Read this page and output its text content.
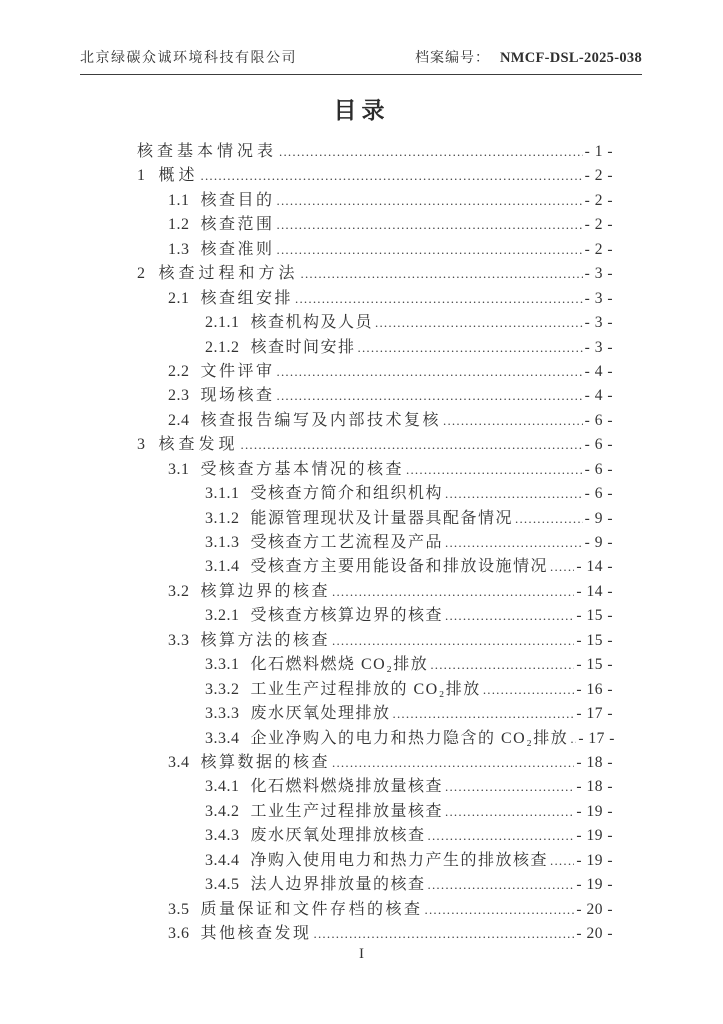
北京绿碳众诚环境科技有限公司	档案编号： NMCF-DSL-2025-038
目录
核查基本情况表 .....	- 1 -
1 概述 .....	- 2 -
1.1 核查目的 .....	- 2 -
1.2 核查范围 .....	- 2 -
1.3 核查准则 .....	- 2 -
2 核查过程和方法 .....	- 3 -
2.1 核查组安排 .....	- 3 -
2.1.1 核查机构及人员 .....	- 3 -
2.1.2 核查时间安排 .....	- 3 -
2.2 文件评审 .....	- 4 -
2.3 现场核查 .....	- 4 -
2.4 核查报告编写及内部技术复核 .....	- 6 -
3 核查发现 .....	- 6 -
3.1 受核查方基本情况的核查 .....	- 6 -
3.1.1 受核查方简介和组织机构 .....	- 6 -
3.1.2 能源管理现状及计量器具配备情况 .....	- 9 -
3.1.3 受核查方工艺流程及产品 .....	- 9 -
3.1.4 受核查方主要用能设备和排放设施情况 ..... - 14 -
3.2 核算边界的核查 .....	- 14 -
3.2.1 受核查方核算边界的核查 .....	- 15 -
3.3 核算方法的核查 .....	- 15 -
3.3.1 化石燃料燃烧 CO₂排放 .....	- 15 -
3.3.2 工业生产过程排放的 CO₂排放 .....	- 16 -
3.3.3 废水厌氧处理排放 .....	- 17 -
3.3.4 企业净购入的电力和热力隐含的 CO₂排放 ..... - 17 -
3.4 核算数据的核查 .....	- 18 -
3.4.1 化石燃料燃烧排放量核查 .....	- 18 -
3.4.2 工业生产过程排放量核查 .....	- 19 -
3.4.3 废水厌氧处理排放核查 .....	- 19 -
3.4.4 净购入使用电力和热力产生的排放核查 ..... - 19 -
3.4.5 法人边界排放量的核查 .....	- 19 -
3.5 质量保证和文件存档的核查 .....	- 20 -
3.6 其他核查发现 .....	- 20 -
I
